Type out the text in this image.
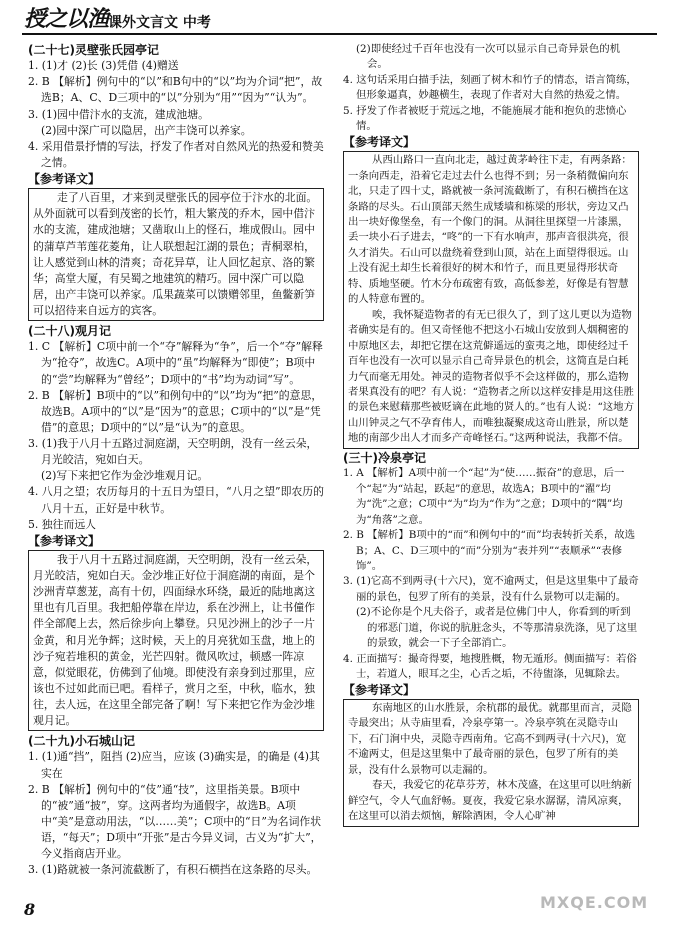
授之以渔 课外文言文 中考

(二十七)灵壁张氏园亭记

1. (1)才 (2)长 (3)凭借 (4)赠送

2. B 【解析】例句中的“以”和B句中的“以”均为介词“把”，故选B；A、C、D三项中的“以”分别为“用”“因为”“认为”。

3. (1)园中借汴水的支流，建成池塘。

(2)园中深广可以隐居，出产丰饶可以养家。

4. 采用借景抒情的写法，抒发了作者对自然风光的热爱和赞美之情。

【参考译文】

走了八百里，才来到灵壁张氏的园亭位于汴水的北面。从外面就可以看到茂密的长竹，粗大繁茂的乔木，园中借汴水的支流，建成池塘；又凿取山上的怪石，堆成假山。园中的蒲草芦苇莲花菱角，让人联想起江湖的景色；青桐翠柏，让人感觉到山林的清爽；奇花异草，让人回忆起京、洛的繁华；高堂大厦，有吴蜀之地建筑的精巧。园中深广可以隐居，出产丰饶可以养家。瓜果蔬菜可以馈赠邻里，鱼鳖新笋可以招待来自远方的宾客。

(二十八)观月记

1. C 【解析】C项中前一个“夺”解释为“争”，后一个“夺”解释为“抢夺”，故选C。A项中的“虽”均解释为“即使”；B项中的“尝”均解释为“曾经”；D项中的“书”均为动词“写”。

2. B 【解析】B项中的“以”和例句中的“以”均为“把”的意思，故选B。A项中的“以”是“因为”的意思；C项中的“以”是“凭借”的意思；D项中的“以”是“认为”的意思。

3. (1)我于八月十五路过洞庭湖，天空明朗，没有一丝云朵，月光皎洁，宛如白天。

(2)写下来把它作为金沙堆观月记。

4. 八月之望；农历每月的十五日为望日，“八月之望”即农历的八月十五，正好是中秋节。

5. 独往而远人

【参考译文】

我于八月十五路过洞庭湖，天空明朗，没有一丝云朵，月光皎洁，宛如白天。金沙堆正好位于洞庭湖的南面，是个沙洲青草葱茏，高有十仞，四面绿水环绕，最近的陆地离这里也有几百里。我把船停靠在岸边，系在沙洲上，让书僮作伴全部爬上去，然后徐步向上攀登。只见沙洲上的沙子一片金黄，和月光争辉；这时候，天上的月亮犹如玉盘，地上的沙子宛若堆积的黄金，光芒四射。微风吹过，顿感一阵凉意，似觉眼花，仿佛到了仙境。即使没有亲身到过那里，应该也不过如此而已吧。看样子，赏月之至，中秋，临水，独往，去人远，在这里全部完备了啊！写下来把它作为金沙堆观月记。

(二十九)小石城山记

1. (1)通“挡”，阻挡 (2)应当，应该 (3)确实是，的确是 (4)其实在

2. B 【解析】例句中的“伎”通“技”，这里指美景。B项中的“被”通“披”，穿。这两者均为通假字，故选B。A项中“美”是意动用法，“以……美”；C项中的“日”为名词作状语，“每天”；D项中“开张”是古今异义词，古义为“扩大”，今义指商店开业。

3. (1)路就被一条河流截断了，有积石横挡在这条路的尽头。

(2)即使经过千百年也没有一次可以显示自己奇异景色的机会。

4. 这句话采用白描手法，刻画了树木和竹子的情态，语言简练，但形象逼真，妙趣横生，表现了作者对大自然的热爱之情。

5. 抒发了作者被贬于荒远之地，不能施展才能和抱负的悲愤心情。

【参考译文】

从西山路口一直向北走，越过黄茅岭往下走，有两条路：一条向西走，沿着它走过去什么也得不到；另一条稍微偏向东北，只走了四十丈，路就被一条河流截断了，有积石横挡在这条路的尽头。石山顶部天然生成矮墙和栋梁的形状，旁边又凸出一块好像堡垒，有一个像门的洞。从洞往里探望一片漆黑，丢一块小石子进去，“咚”的一下有水响声，那声音很洪亮，很久才消失。石山可以盘绕着登到山顶，站在上面望得很远。山上没有泥土却生长着很好的树木和竹子，而且更显得形状奇特、质地坚硬。竹木分布疏密有致，高低参差，好像是有智慧的人特意布置的。

唉，我怀疑造物者的有无已很久了，到了这儿更以为造物者确实是有的。但又奇怪他不把这小石城山安放到人烟稠密的中原地区去，却把它摆在这荒僻遥远的蛮夷之地，即使经过千百年也没有一次可以显示自己奇异景色的机会，这简直是白耗力气而毫无用处。神灵的造物者似乎不会这样做的，那么造物者果真没有的吧？有人说：“造物者之所以这样安排是用这佳胜的景色来慰藉那些被贬谪在此地的贤人的。”也有人说：“这地方山川钟灵之气不孕育伟人，而唯独凝聚成这奇山胜景，所以楚地的南部少出人才而多产奇峰怪石。”这两种说法，我都不信。

(三十)冷泉亭记

1. A 【解析】A项中前一个“起”为“使……振奋”的意思，后一个“起”为“站起，跃起”的意思，故选A；B项中的“濯”均为“洗”之意；C项中“为”均为“作为”之意；D项中的“隅”均为“角落”之意。

2. B 【解析】B项中的“而”和例句中的“而”均表转折关系，故选B；A、C、D三项中的“而”分别为“表并列”“表顺承”“表修饰”。

3. (1)它高不到两寻(十六尺)，宽不逾两丈，但是这里集中了最奇丽的景色，包罗了所有的美景，没有什么景物可以走漏的。

(2)不论你是个凡夫俗子，或者是位佛门中人，你看到的听到的邪恶门道，你说的肮脏念头，不等那清泉洗涤，见了这里的景致，就会一下子全部消亡。

4. 正面描写：撮奇得要，地搜胜概，物无遁形。侧面描写：若俗士，若道人，眼耳之尘，心舌之垢，不待盥涤，见辄除去。

【参考译文】

东南地区的山水胜景，余杭郡的最优。就郡里而言，灵隐寺最突出；从寺庙里看，冷泉亭第一。冷泉亭筑在灵隐寺山下，石门涧中央，灵隐寺西南角。它高不到两寻(十六尺)，宽不逾两丈，但是这里集中了最奇丽的景色，包罗了所有的美景，没有什么景物可以走漏的。

春天，我爱它的花草芬芳，林木茂盛，在这里可以吐纳新鲜空气，令人气血舒畅。夏夜，我爱它泉水潺潺，清风凉爽，在这里可以消去烦恼，解除酒困，令人心旷神

8	MXQE.COM
